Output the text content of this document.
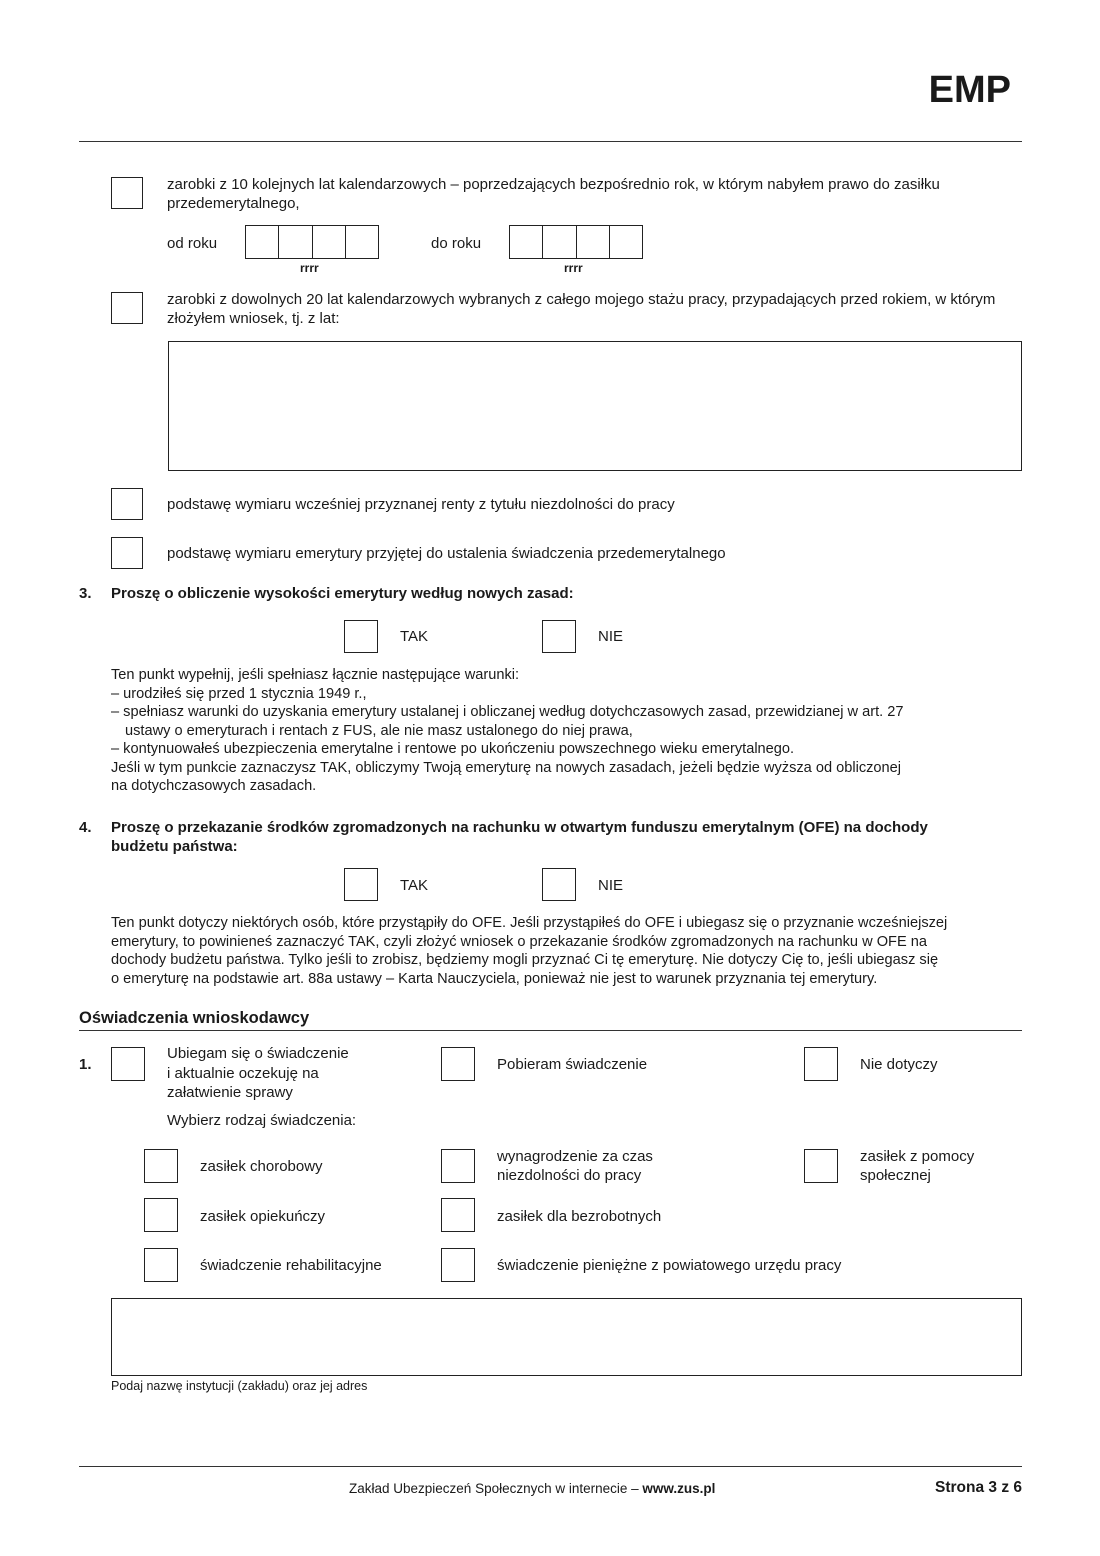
EMP
zarobki z 10 kolejnych lat kalendarzowych – poprzedzających bezpośrednio rok, w którym nabyłem prawo do zasiłku przedemerytalnego,
od roku
rrrr
do roku
rrrr
zarobki z dowolnych 20 lat kalendarzowych wybranych z całego mojego stażu pracy, przypadających przed rokiem, w którym złożyłem wniosek, tj. z lat:
podstawę wymiaru wcześniej przyznanej renty z tytułu niezdolności do pracy
podstawę wymiaru emerytury przyjętej do ustalenia świadczenia przedemerytalnego
3. Proszę o obliczenie wysokości emerytury według nowych zasad:
TAK	NIE
Ten punkt wypełnij, jeśli spełniasz łącznie następujące warunki:
– urodziłeś się przed 1 stycznia 1949 r.,
– spełniasz warunki do uzyskania emerytury ustalanej i obliczanej według dotychczasowych zasad, przewidzianej w art. 27
ustawy o emeryturach i rentach z FUS, ale nie masz ustalonego do niej prawa,
– kontynuowałeś ubezpieczenia emerytalne i rentowe po ukończeniu powszechnego wieku emerytalnego.
Jeśli w tym punkcie zaznaczysz TAK, obliczymy Twoją emeryturę na nowych zasadach, jeżeli będzie wyższa od obliczonej
na dotychczasowych zasadach.
4. Proszę o przekazanie środków zgromadzonych na rachunku w otwartym funduszu emerytalnym (OFE) na dochody
budżetu państwa:
TAK	NIE
Ten punkt dotyczy niektórych osób, które przystąpiły do OFE. Jeśli przystąpiłeś do OFE i ubiegasz się o przyznanie wcześniejszej
emerytury, to powinieneś zaznaczyć TAK, czyli złożyć wniosek o przekazanie środków zgromadzonych na rachunku w OFE na
dochody budżetu państwa. Tylko jeśli to zrobisz, będziemy mogli przyznać Ci tę emeryturę. Nie dotyczy Cię to, jeśli ubiegasz się
o emeryturę na podstawie art. 88a ustawy – Karta Nauczyciela, ponieważ nie jest to warunek przyznania tej emerytury.
Oświadczenia wnioskodawcy
1.
Ubiegam się o świadczenie
i aktualnie oczekuję na
załatwienie sprawy
Pobieram świadczenie	Nie dotyczy
Wybierz rodzaj świadczenia:
zasiłek chorobowy
wynagrodzenie za czas
niezdolności do pracy
zasiłek z pomocy
społecznej
zasiłek opiekuńczy	zasiłek dla bezrobotnych
świadczenie rehabilitacyjne	świadczenie pieniężne z powiatowego urzędu pracy
Podaj nazwę instytucji (zakładu) oraz jej adres
Zakład Ubezpieczeń Społecznych w internecie – www.zus.pl	Strona 3 z 6
